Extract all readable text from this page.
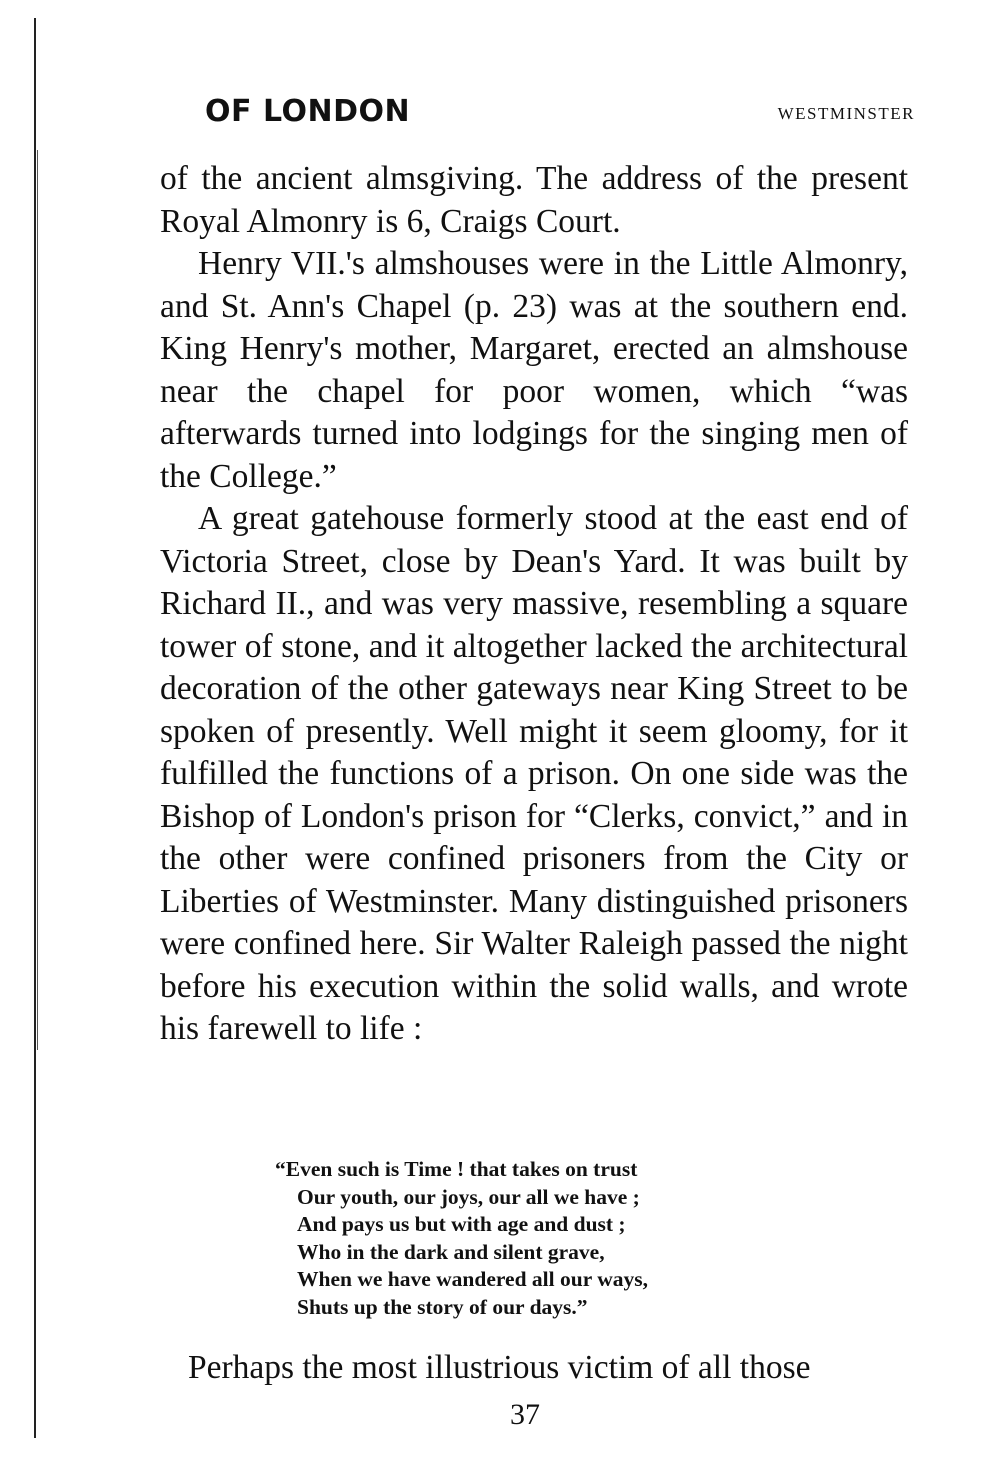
OF LONDON	WESTMINSTER

of the ancient almsgiving. The address of the present Royal Almonry is 6, Craigs Court.

Henry VII.'s almshouses were in the Little Almonry, and St. Ann's Chapel (p. 23) was at the southern end. King Henry's mother, Margaret, erected an almshouse near the chapel for poor women, which “was afterwards turned into lodgings for the singing men of the College.”

A great gatehouse formerly stood at the east end of Victoria Street, close by Dean's Yard. It was built by Richard II., and was very massive, resembling a square tower of stone, and it altogether lacked the architectural decoration of the other gateways near King Street to be spoken of presently. Well might it seem gloomy, for it fulfilled the functions of a prison. On one side was the Bishop of London's prison for “Clerks, convict,” and in the other were confined prisoners from the City or Liberties of Westminster. Many distinguished prisoners were confined here. Sir Walter Raleigh passed the night before his execution within the solid walls, and wrote his farewell to life :

“Even such is Time ! that takes on trust
Our youth, our joys, our all we have ;
And pays us but with age and dust ;
Who in the dark and silent grave,
When we have wandered all our ways,
Shuts up the story of our days.”
Perhaps the most illustrious victim of all those
37
